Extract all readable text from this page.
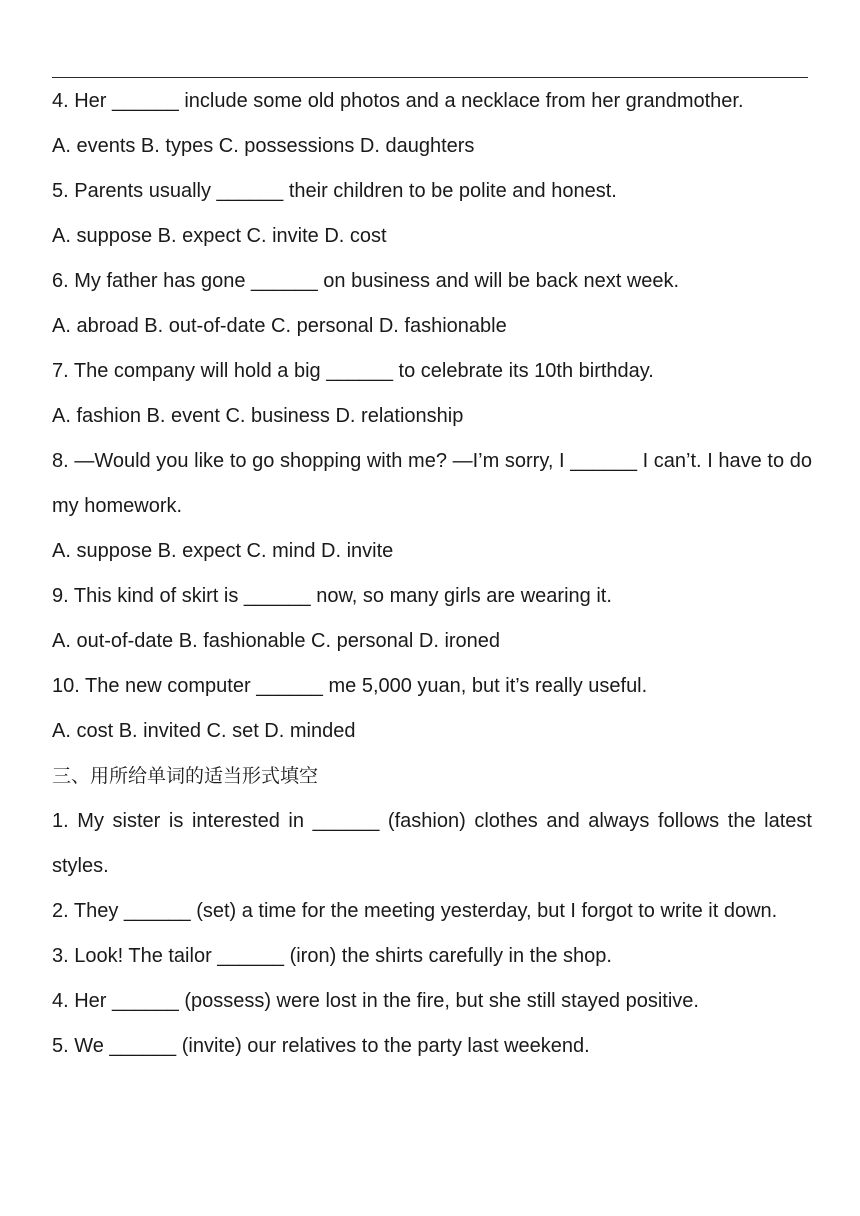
4. Her ______ include some old photos and a necklace from her grandmother.
A. events B. types C. possessions D. daughters
5. Parents usually ______ their children to be polite and honest.
A. suppose B. expect C. invite D. cost
6. My father has gone ______ on business and will be back next week.
A. abroad B. out-of-date C. personal D. fashionable
7. The company will hold a big ______ to celebrate its 10th birthday.
A. fashion B. event C. business D. relationship
8. —Would you like to go shopping with me? —I’m sorry, I ______ I can’t. I have to do my homework.
A. suppose B. expect C. mind D. invite
9. This kind of skirt is ______ now, so many girls are wearing it.
A. out-of-date B. fashionable C. personal D. ironed
10. The new computer ______ me 5,000 yuan, but it’s really useful.
A. cost B. invited C. set D. minded
三、用所给单词的适当形式填空
1. My sister is interested in ______ (fashion) clothes and always follows the latest styles.
2. They ______ (set) a time for the meeting yesterday, but I forgot to write it down.
3. Look! The tailor ______ (iron) the shirts carefully in the shop.
4. Her ______ (possess) were lost in the fire, but she still stayed positive.
5. We ______ (invite) our relatives to the party last weekend.
